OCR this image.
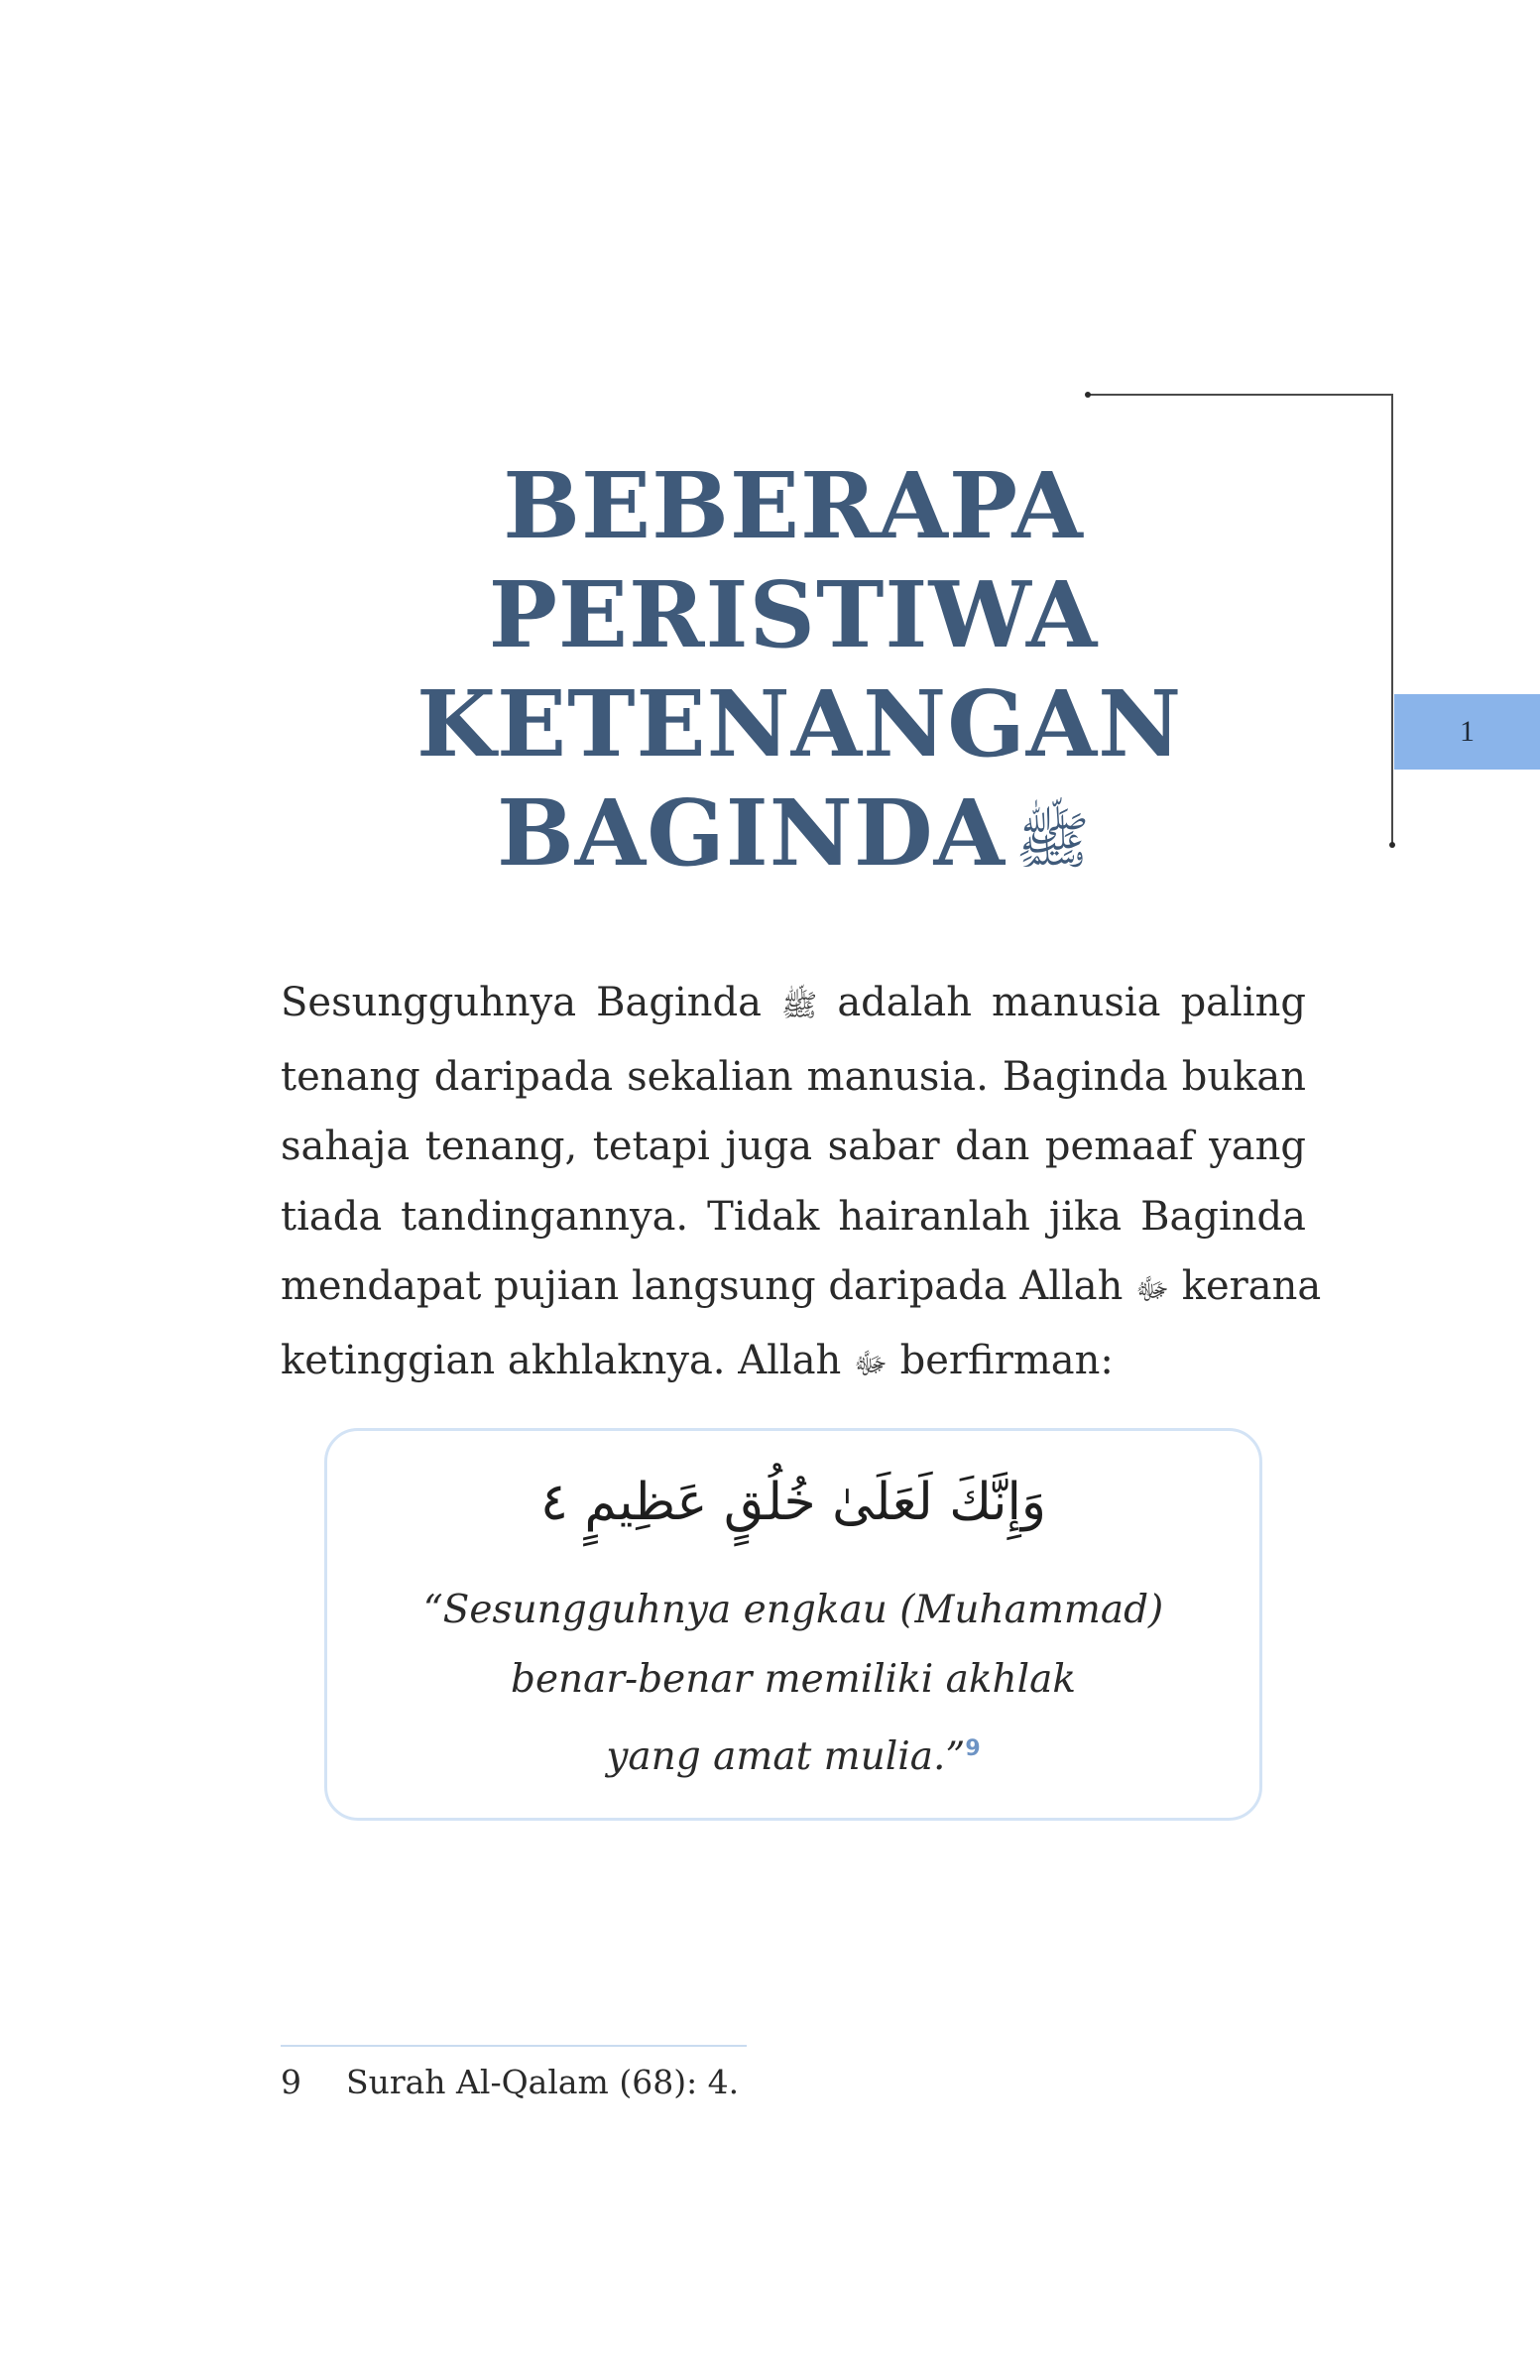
1
BEBERAPA
PERISTIWA
KETENANGAN
BAGINDA ﷺ
Sesungguhnya Baginda ﷺ adalah manusia paling
tenang daripada sekalian manusia. Baginda bukan
sahaja tenang, tetapi juga sabar dan pemaaf yang
tiada tandingannya. Tidak hairanlah jika Baginda
mendapat pujian langsung daripada Allah ﷻ kerana
ketinggian akhlaknya. Allah ﷻ berfirman:
وَإِنَّكَ لَعَلَىٰ خُلُقٍ عَظِيمٍ ٤
“Sesungguhnya engkau (Muhammad)
benar-benar memiliki akhlak
yang amat mulia.”$^9$
9 Surah Al-Qalam (68): 4.
